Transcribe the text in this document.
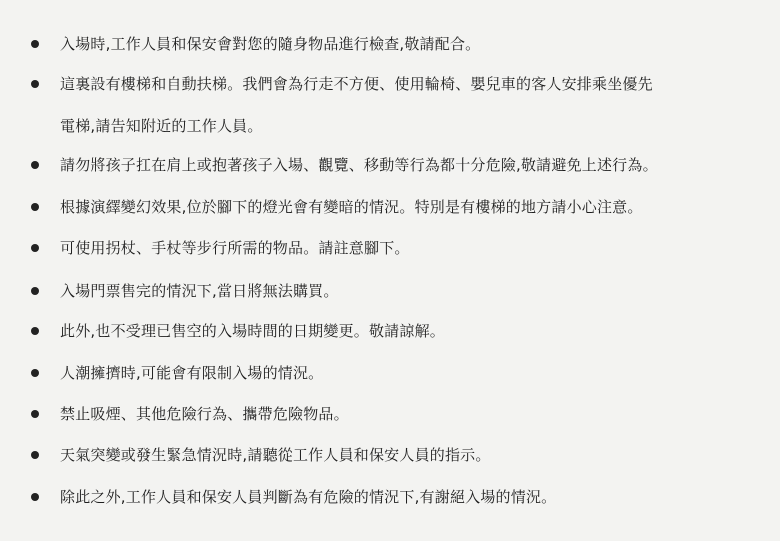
入場時,工作人員和保安會對您的隨身物品進行檢查,敬請配合。
這裏設有樓梯和自動扶梯。我們會為行走不方便、使用輪椅、嬰兒車的客人安排乘坐優先
電梯,請告知附近的工作人員。
請勿將孩子扛在肩上或抱著孩子入場、觀覽、移動等行為都十分危險,敬請避免上述行為。
根據演繹變幻效果,位於腳下的燈光會有變暗的情況。特別是有樓梯的地方請小心注意。
可使用拐杖、手杖等步行所需的物品。請註意腳下。
入場門票售完的情況下,當日將無法購買。
此外,也不受理已售空的入場時間的日期變更。敬請諒解。
人潮擁擠時,可能會有限制入場的情況。
禁止吸煙、其他危險行為、攜帶危險物品。
天氣突變或發生緊急情況時,請聽從工作人員和保安人員的指示。
除此之外,工作人員和保安人員判斷為有危險的情況下,有謝絕入場的情況。
